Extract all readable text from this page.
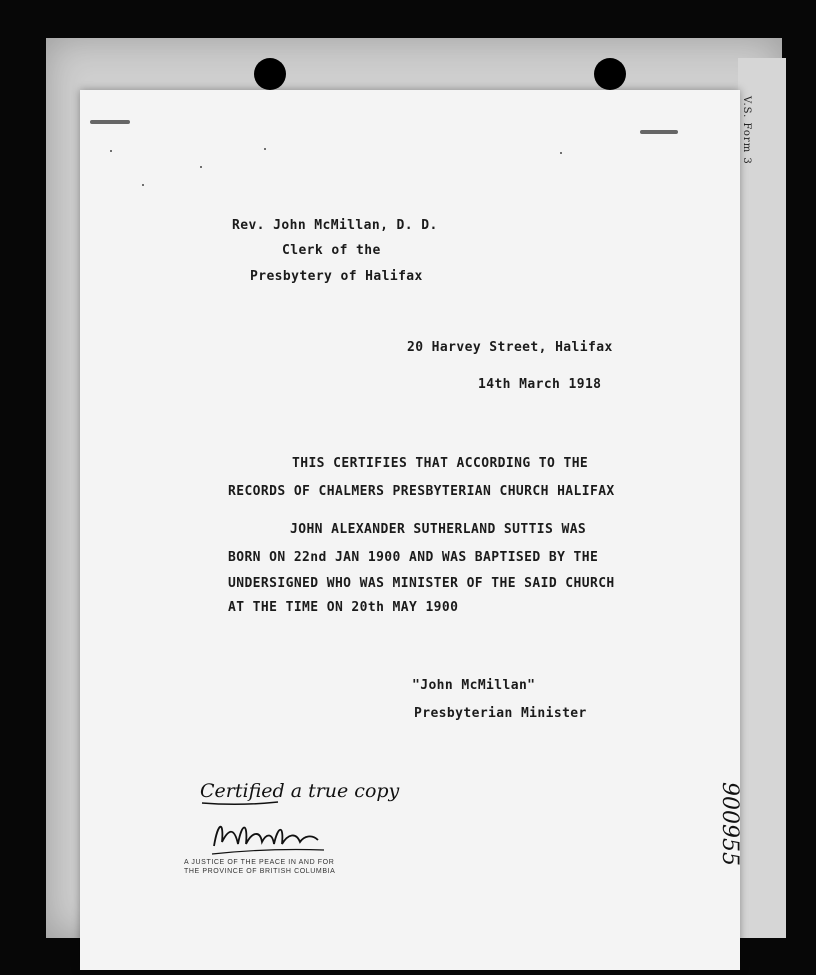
V.S. Form 3
Rev. John McMillan, D. D.
Clerk of the
Presbytery of Halifax
20 Harvey Street, Halifax
14th March 1918
THIS CERTIFIES THAT ACCORDING TO THE
RECORDS OF CHALMERS PRESBYTERIAN CHURCH HALIFAX
JOHN ALEXANDER SUTHERLAND SUTTIS WAS
BORN ON 22nd JAN 1900 AND WAS BAPTISED BY THE
UNDERSIGNED WHO WAS MINISTER OF THE SAID CHURCH
AT THE TIME ON 20th MAY 1900
"John McMillan"
Presbyterian Minister
Certified a true copy
A JUSTICE OF THE PEACE IN AND FOR
THE PROVINCE OF BRITISH COLUMBIA
900955
